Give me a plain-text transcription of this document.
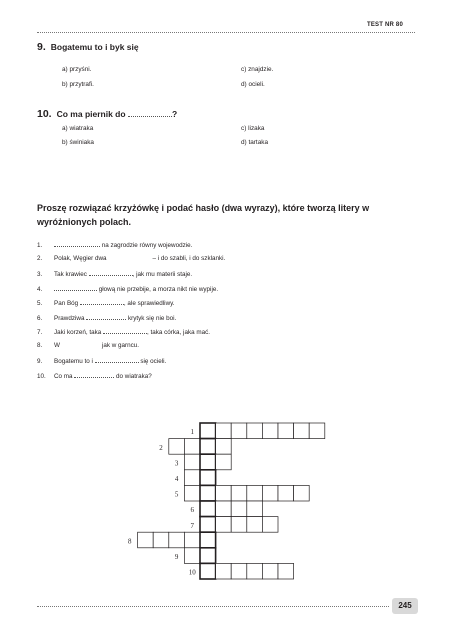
TEST NR 80
9. Bogatemu to i byk się
a) przyśni.
b) przytrafi.
c) znajdzie.
d) ocieli.
10. Co ma piernik do	?
a) wiatraka
b) świniaka
c) lizaka
d) tartaka
Proszę rozwiązać krzyżówkę i podać hasło (dwa wyrazy), które tworzą litery w wyróżnionych polach.
1.	na zagrodzie równy wojewodzie.
2. Polak, Węgier dwa	– i do szabli, i do szklanki.
3. Tak krawiec	, jak mu materii staje.
4.	głową nie przebije, a morza nikt nie wypije.
5. Pan Bóg	, ale sprawiedliwy.
6. Prawdziwa	krytyk się nie boi.
7. Jaki korzeń, taka	, taka córka, jaka mać.
8. W	jak w garncu.
9. Bogatemu to i	się ocieli.
10. Co ma	do wiatraka?
1
2
3
4
5
6
7
8
9
10
245
